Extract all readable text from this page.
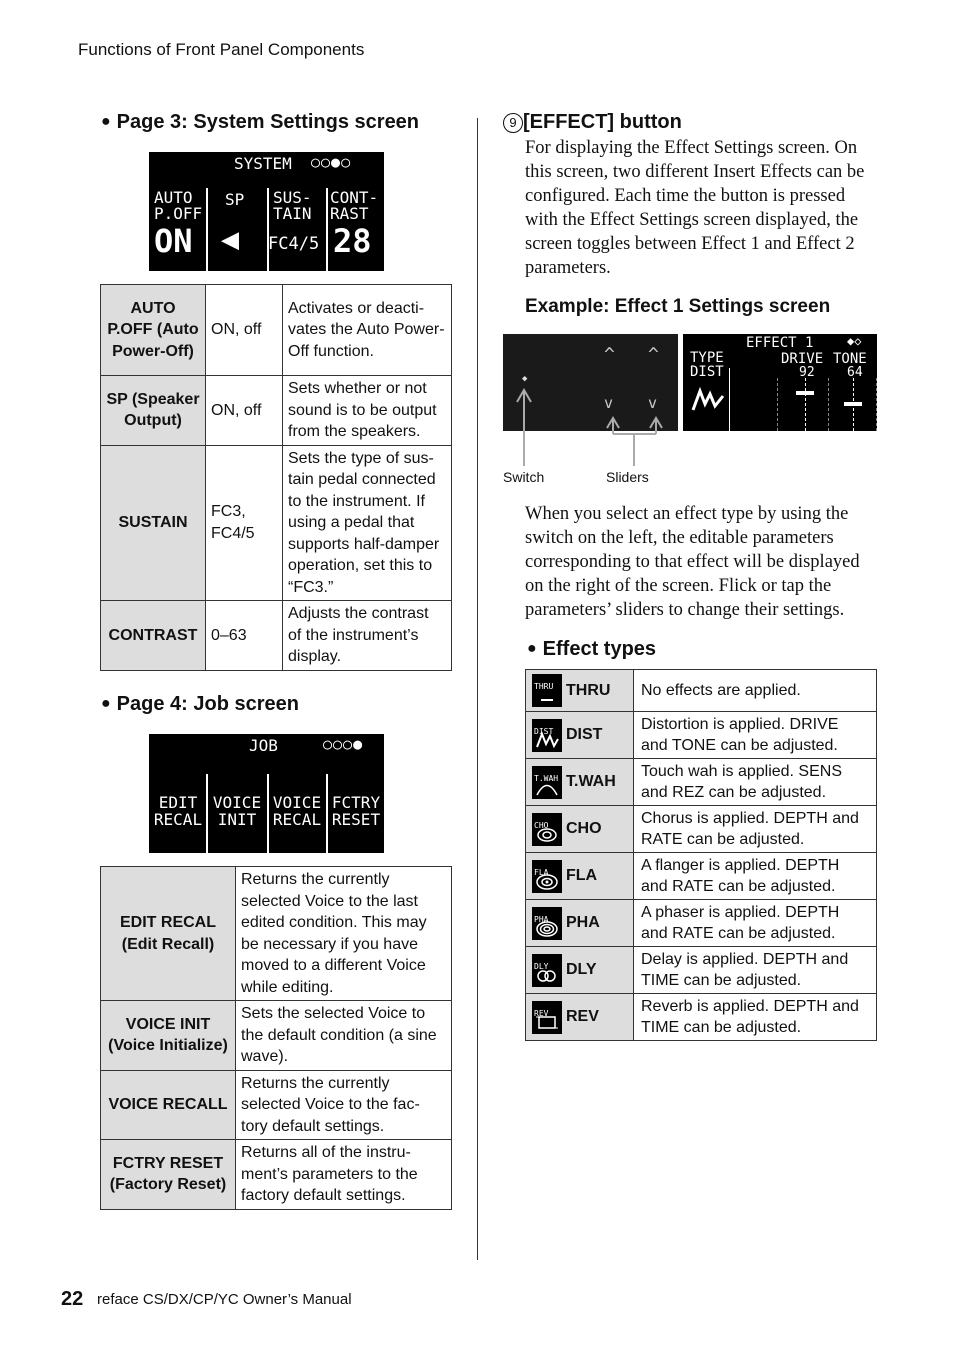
Functions of Front Panel Components
● Page 3: System Settings screen
SYSTEM ○○●○
AUTO
P.OFF
ON
SP
◀
SUS-
TAIN
FC4/5
CONT-
RAST
28
AUTO P.OFF (Auto Power-Off)	ON, off	Activates or deacti-vates the Auto Power-Off function.
SP (Speaker Output)	ON, off	Sets whether or not sound is to be output from the speakers.
SUSTAIN	FC3, FC4/5	Sets the type of sus-tain pedal connected to the instrument. If using a pedal that supports half-damper operation, set this to “FC3.”
CONTRAST	0–63	Adjusts the contrast of the instrument’s display.
● Page 4: Job screen
JOB	○○○●
EDIT
RECAL
VOICE
INIT
VOICE
RECAL
FCTRY
RESET
EDIT RECAL (Edit Recall)	Returns the currently selected Voice to the last edited condition. This may be necessary if you have moved to a different Voice while editing.
VOICE INIT (Voice Initialize)	Sets the selected Voice to the default condition (a sine wave).
VOICE RECALL	Returns the currently selected Voice to the fac-tory default settings.
FCTRY RESET (Factory Reset)	Returns all of the instru-ment’s parameters to the factory default settings.
9 [EFFECT] button
For displaying the Effect Settings screen. On this screen, two different Insert Effects can be configured. Each time the button is pressed with the Effect Settings screen displayed, the screen toggles between Effect 1 and Effect 2 parameters.
Example: Effect 1 Settings screen
^ ^
v v
◆
EFFECT 1	◆◇
TYPE
DIST
DRIVE
92
TONE
64
Switch	Sliders
When you select an effect type by using the switch on the left, the editable parameters corresponding to that effect will be displayed on the right of the screen. Flick or tap the parameters’ sliders to change their settings.
● Effect types
THRU	THRU	No effects are applied.

DIST	DIST	Distortion is applied. DRIVE and TONE can be adjusted.

T.WAH	T.WAH	Touch wah is applied. SENS and REZ can be adjusted.

CHO	CHO	Chorus is applied. DEPTH and RATE can be adjusted.

FLA	FLA	A flanger is applied. DEPTH and RATE can be adjusted.

PHA	PHA	A phaser is applied. DEPTH and RATE can be adjusted.

DLY	DLY	Delay is applied. DEPTH and TIME can be adjusted.

REV	REV	Reverb is applied. DEPTH and TIME can be adjusted.
22 reface CS/DX/CP/YC Owner’s Manual
